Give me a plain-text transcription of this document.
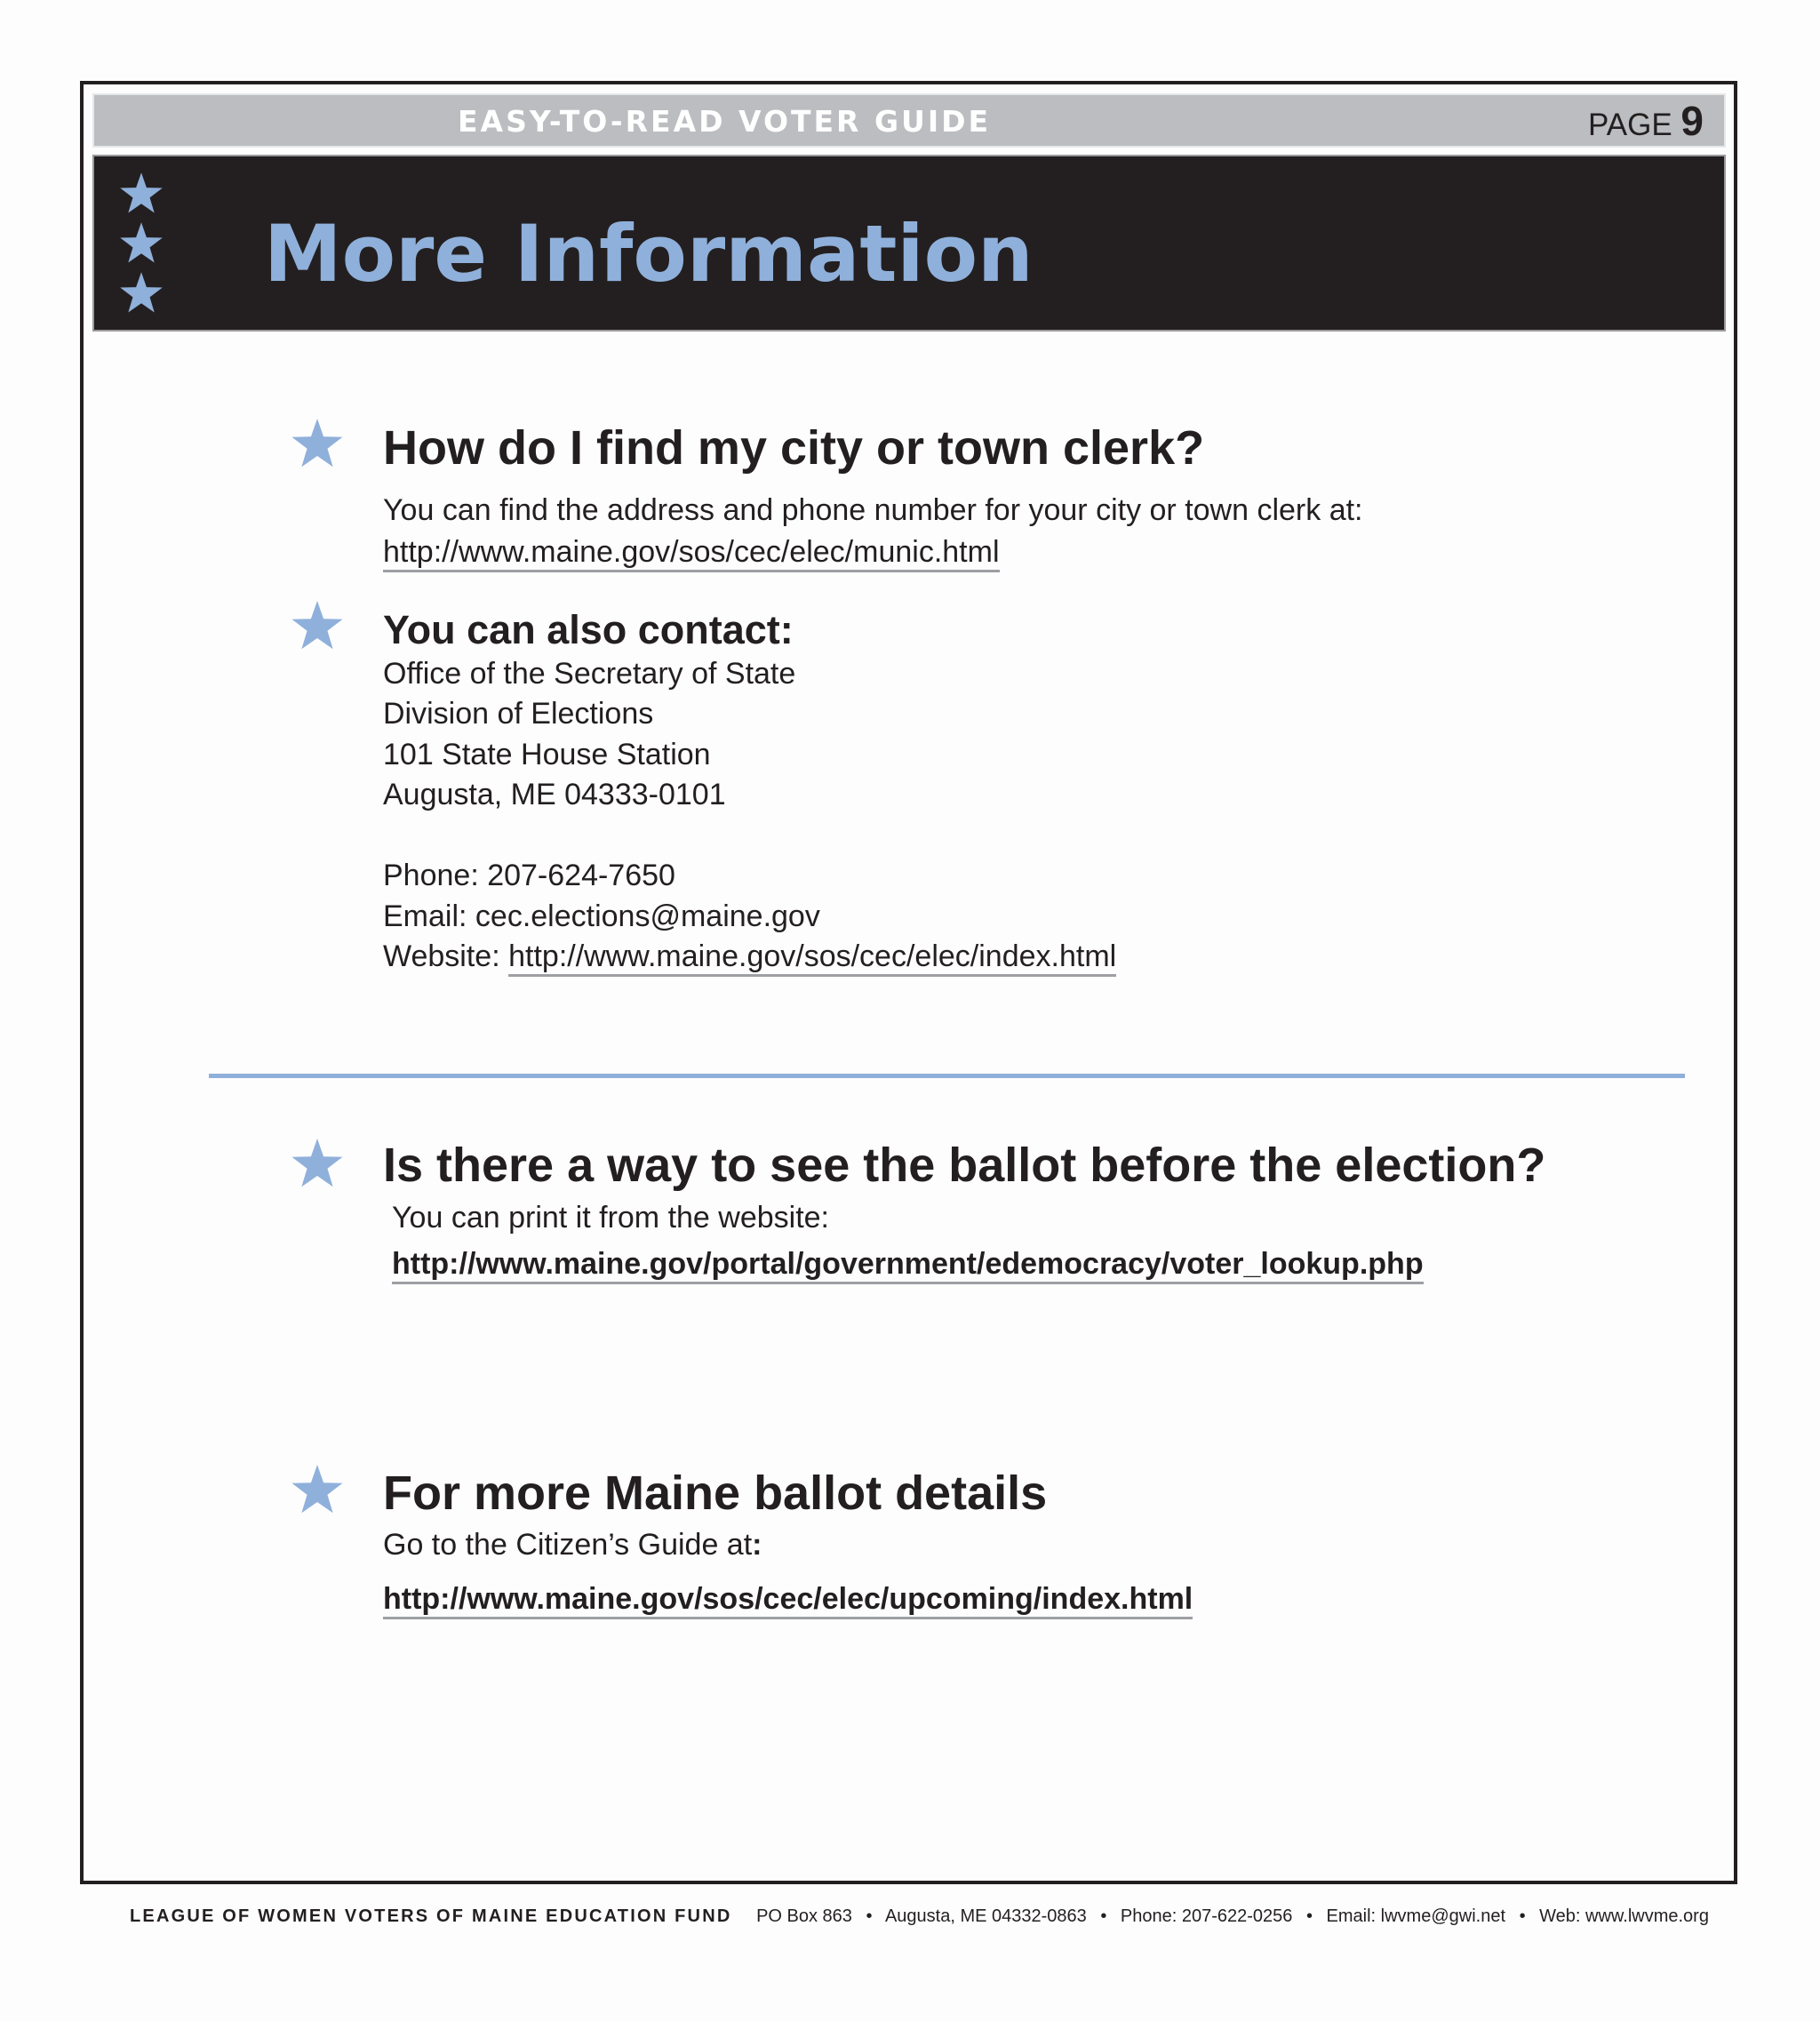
EASY-TO-READ VOTER GUIDE	PAGE 9
More Information
How do I find my city or town clerk?
You can find the address and phone number for your city or town clerk at:
http://www.maine.gov/sos/cec/elec/munic.html
You can also contact:
Office of the Secretary of State
Division of Elections
101 State House Station
Augusta, ME 04333-0101
Phone: 207-624-7650
Email: cec.elections@maine.gov
Website: http://www.maine.gov/sos/cec/elec/index.html
Is there a way to see the ballot before the election?
You can print it from the website:
http://www.maine.gov/portal/government/edemocracy/voter_lookup.php
For more Maine ballot details
Go to the Citizen’s Guide at:
http://www.maine.gov/sos/cec/elec/upcoming/index.html
LEAGUE OF WOMEN VOTERS OF MAINE EDUCATION FUND PO Box 863 • Augusta, ME 04332-0863 • Phone: 207-622-0256 • Email: lwvme@gwi.net • Web: www.lwvme.org
